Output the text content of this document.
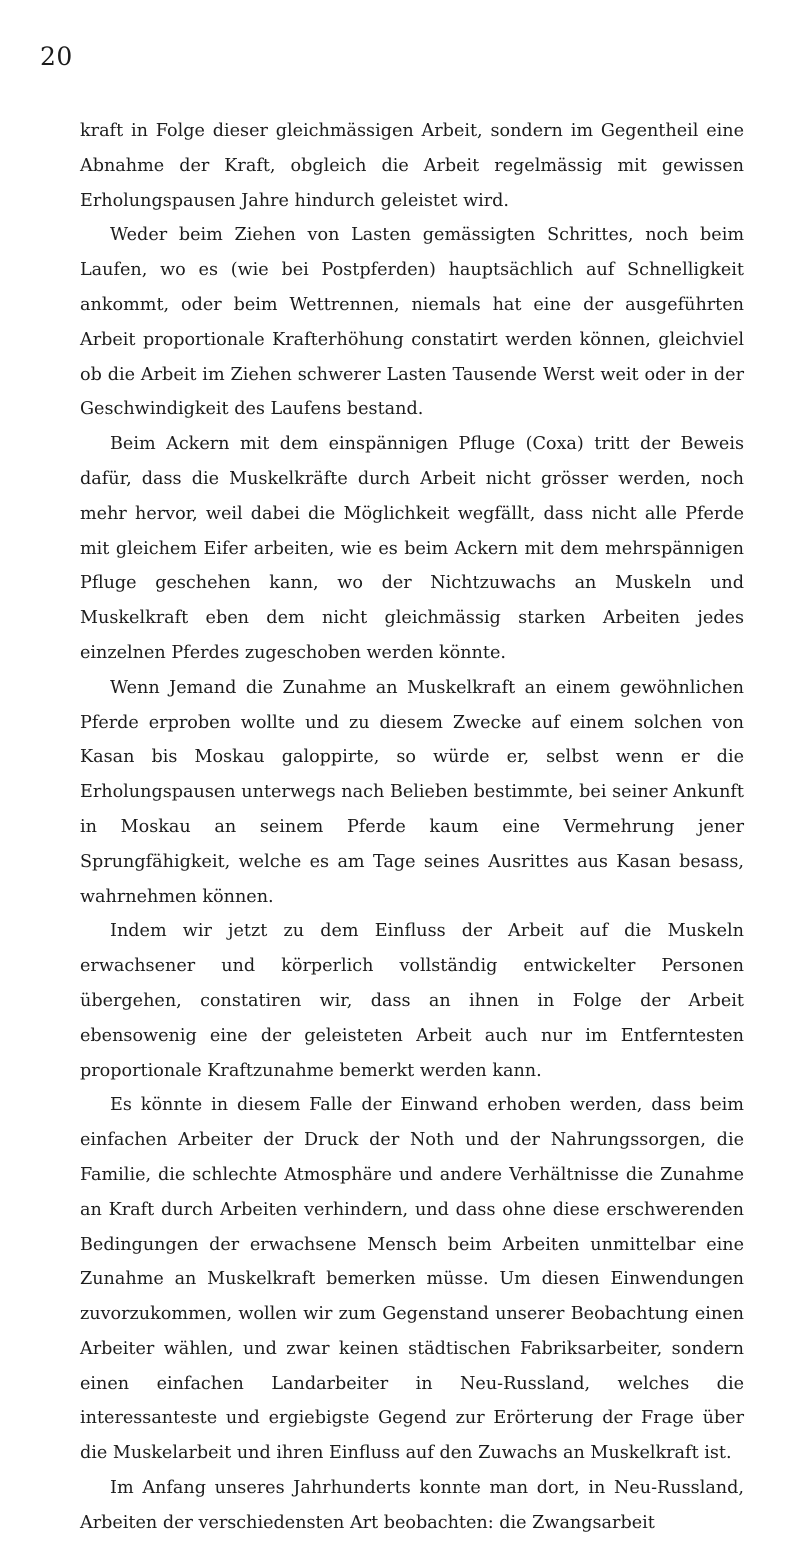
20

kraft in Folge dieser gleichmässigen Arbeit, sondern im Gegentheil eine Abnahme der Kraft, obgleich die Arbeit regelmässig mit gewissen Erholungspausen Jahre hindurch geleistet wird.

Weder beim Ziehen von Lasten gemässigten Schrittes, noch beim Laufen, wo es (wie bei Postpferden) hauptsächlich auf Schnelligkeit ankommt, oder beim Wettrennen, niemals hat eine der ausgeführten Arbeit proportionale Krafterhöhung constatirt werden können, gleichviel ob die Arbeit im Ziehen schwerer Lasten Tausende Werst weit oder in der Geschwindigkeit des Laufens bestand.

Beim Ackern mit dem einspännigen Pfluge (Coxa) tritt der Beweis dafür, dass die Muskelkräfte durch Arbeit nicht grösser werden, noch mehr hervor, weil dabei die Möglichkeit wegfällt, dass nicht alle Pferde mit gleichem Eifer arbeiten, wie es beim Ackern mit dem mehrspännigen Pfluge geschehen kann, wo der Nichtzuwachs an Muskeln und Muskelkraft eben dem nicht gleichmässig starken Arbeiten jedes einzelnen Pferdes zugeschoben werden könnte.

Wenn Jemand die Zunahme an Muskelkraft an einem gewöhnlichen Pferde erproben wollte und zu diesem Zwecke auf einem solchen von Kasan bis Moskau galoppirte, so würde er, selbst wenn er die Erholungspausen unterwegs nach Belieben bestimmte, bei seiner Ankunft in Moskau an seinem Pferde kaum eine Vermehrung jener Sprungfähigkeit, welche es am Tage seines Ausrittes aus Kasan besass, wahrnehmen können.

Indem wir jetzt zu dem Einfluss der Arbeit auf die Muskeln erwachsener und körperlich vollständig entwickelter Personen übergehen, constatiren wir, dass an ihnen in Folge der Arbeit ebensowenig eine der geleisteten Arbeit auch nur im Entferntesten proportionale Kraftzunahme bemerkt werden kann.

Es könnte in diesem Falle der Einwand erhoben werden, dass beim einfachen Arbeiter der Druck der Noth und der Nahrungssorgen, die Familie, die schlechte Atmosphäre und andere Verhältnisse die Zunahme an Kraft durch Arbeiten verhindern, und dass ohne diese erschwerenden Bedingungen der erwachsene Mensch beim Arbeiten unmittelbar eine Zunahme an Muskelkraft bemerken müsse. Um diesen Einwendungen zuvorzukommen, wollen wir zum Gegenstand unserer Beobachtung einen Arbeiter wählen, und zwar keinen städtischen Fabriksarbeiter, sondern einen einfachen Landarbeiter in Neu-Russland, welches die interessanteste und ergiebigste Gegend zur Erörterung der Frage über die Muskelarbeit und ihren Einfluss auf den Zuwachs an Muskelkraft ist.

Im Anfang unseres Jahrhunderts konnte man dort, in Neu-Russland, Arbeiten der verschiedensten Art beobachten: die Zwangsarbeit
